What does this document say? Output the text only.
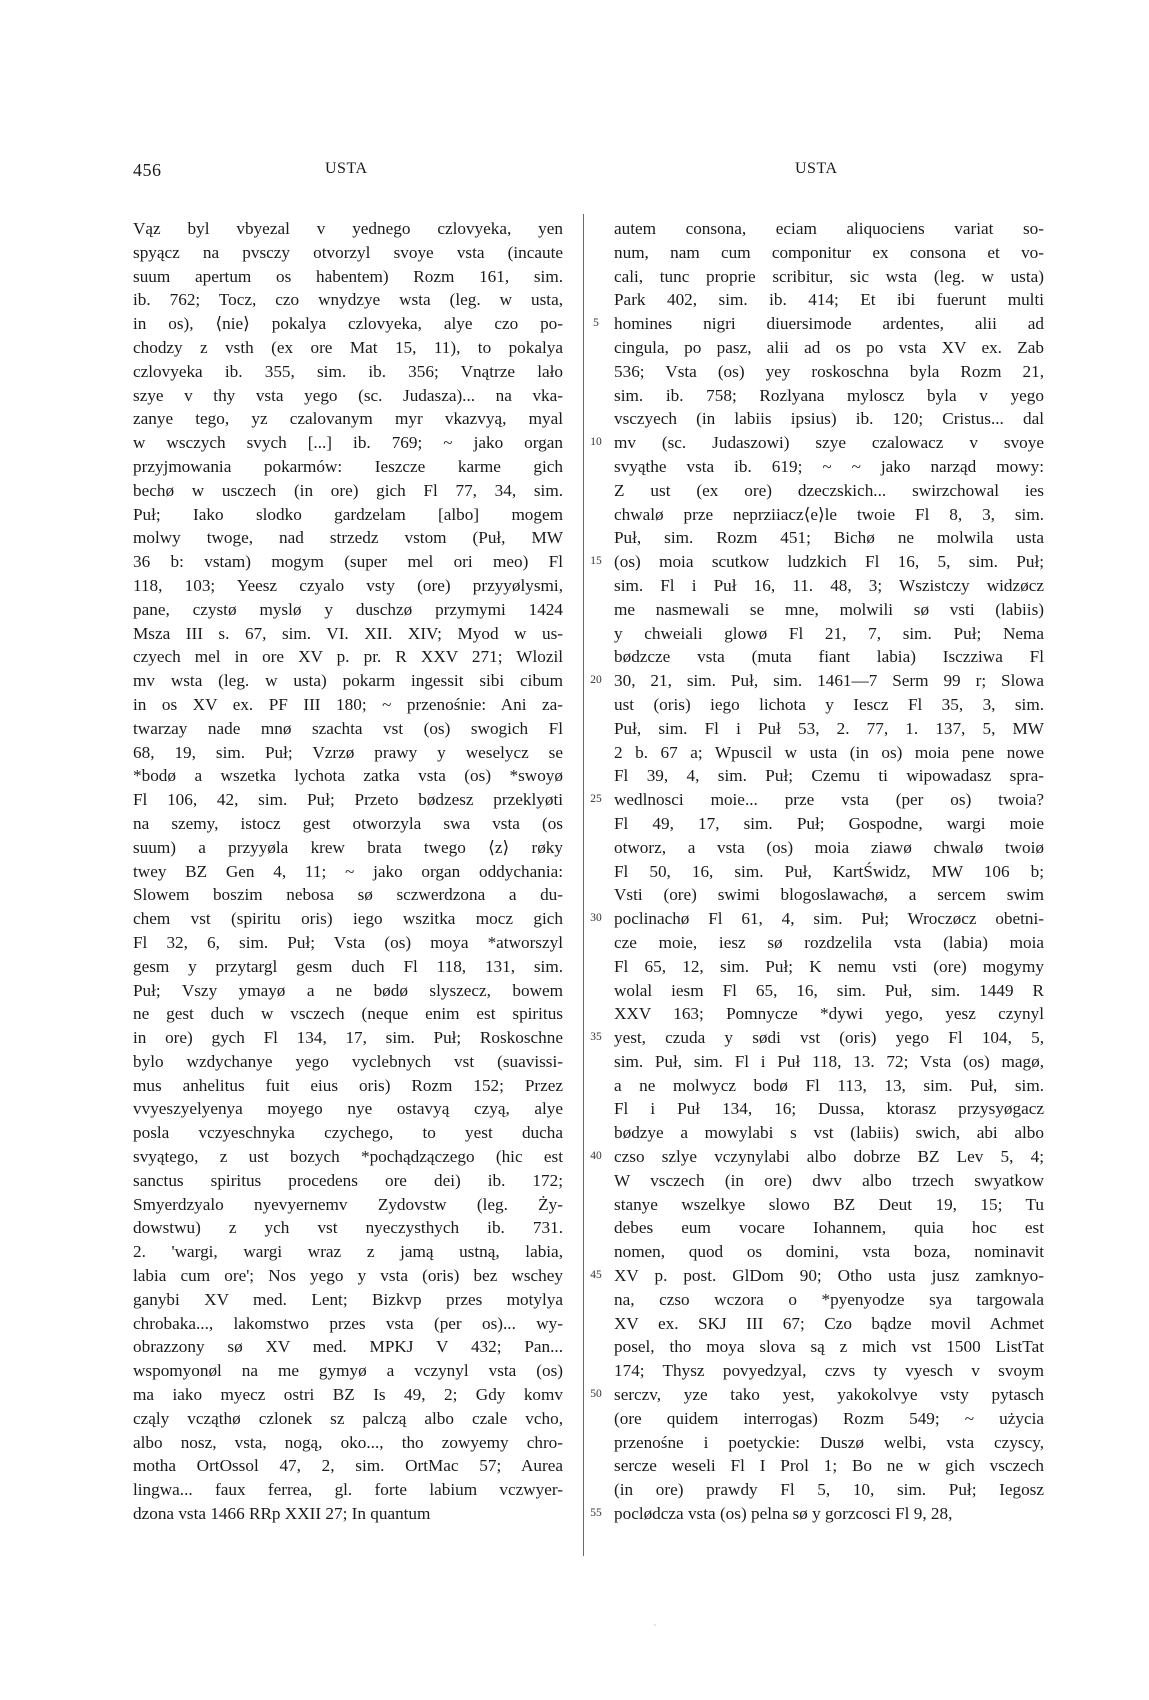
456	USTA	USTA
Vąz byl vbyezal v yednego czlovyeka, yen
spyącz na pvsczy otvorzyl svoye vsta (incaute
suum apertum os habentem) Rozm 161, sim.
ib. 762; Tocz, czo wnydzye wsta (leg. w usta,
in os), ⟨nie⟩ pokalya czlovyeka, alye czo po-
chodzy z vsth (ex ore Mat 15, 11), to pokalya
czlovyeka ib. 355, sim. ib. 356; Vnątrze lało
szye v thy vsta yego (sc. Judasza)... na vka-
zanye tego, yz czalovanym myr vkazvyą, myal
w wsczych svych [...] ib. 769; ~ jako organ
przyjmowania pokarmów: Ieszcze karme gich
bechø w usczech (in ore) gich Fl 77, 34, sim.
Puł; Iako slodko gardzelam [albo] mogem
molwy twoge, nad strzedz vstom (Puł, MW
36 b: vstam) mogym (super mel ori meo) Fl
118, 103; Yeesz czyalo vsty (ore) przyyølysmi,
pane, czystø myslø y duschzø przymymi 1424
Msza III s. 67, sim. VI. XII. XIV; Myod w us-
czyech mel in ore XV p. pr. R XXV 271; Wlozil
mv wsta (leg. w usta) pokarm ingessit sibi cibum
in os XV ex. PF III 180; ~ przenośnie: Ani za-
twarzay nade mnø szachta vst (os) swogich Fl
68, 19, sim. Puł; Vzrzø prawy y weselycz se
*bodø a wszetka lychota zatka vsta (os) *swoyø
Fl 106, 42, sim. Puł; Przeto bødzesz przeklyøti
na szemy, istocz gest otworzyla swa vsta (os
suum) a przyyøla krew brata twego ⟨z⟩ røky
twey BZ Gen 4, 11; ~ jako organ oddychania:
Slowem boszim nebosa sø sczwerdzona a du-
chem vst (spiritu oris) iego wszitka mocz gich
Fl 32, 6, sim. Puł; Vsta (os) moya *atworszyl
gesm y przytargl gesm duch Fl 118, 131, sim.
Puł; Vszy ymayø a ne bødø slyszecz, bowem
ne gest duch w vsczech (neque enim est spiritus
in ore) gych Fl 134, 17, sim. Puł; Roskoschne
bylo wzdychanye yego vyclebnych vst (suavissi-
mus anhelitus fuit eius oris) Rozm 152; Przez
vvyeszyelyenya moyego nye ostavyą czyą, alye
posla vczyeschnyka czychego, to yest ducha
svyątego, z ust bozych *pochądzączego (hic est
sanctus spiritus procedens ore dei) ib. 172;
Smyerdzyalo nyevyernemv Zydovstw (leg. Ży-
dowstwu) z ych vst nyeczysthych ib. 731.
2. 'wargi, wargi wraz z jamą ustną, labia,
labia cum ore'; Nos yego y vsta (oris) bez wschey
ganybi XV med. Lent; Bizkvp przes motylya
chrobaka..., lakomstwo przes vsta (per os)... wy-
obrazzony sø XV med. MPKJ V 432; Pan...
wspomyonøl na me gymyø a vczynyl vsta (os)
ma iako myecz ostri BZ Is 49, 2; Gdy komv
cząly vcząthø czlonek sz palczą albo czale vcho,
albo nosz, vsta, nogą, oko..., tho zowyemy chro-
motha OrtOssol 47, 2, sim. OrtMac 57; Aurea
lingwa... faux ferrea, gl. forte labium vczwyer-
dzona vsta 1466 RRp XXII 27; In quantum
5
10
15
20
25
30
35
40
45
50
55
autem consona, eciam aliquociens variat so-
num, nam cum componitur ex consona et vo-
cali, tunc proprie scribitur, sic wsta (leg. w usta)
Park 402, sim. ib. 414; Et ibi fuerunt multi
homines nigri diuersimode ardentes, alii ad
cingula, po pasz, alii ad os po vsta XV ex. Zab
536; Vsta (os) yey roskoschna byla Rozm 21,
sim. ib. 758; Rozlyana myloscz byla v yego
vsczyech (in labiis ipsius) ib. 120; Cristus... dal
mv (sc. Judaszowi) szye czalowacz v svoye
svyąthe vsta ib. 619; ~ ~ jako narząd mowy:
Z ust (ex ore) dzeczskich... swirzchowal ies
chwalø prze neprziiacz⟨e⟩le twoie Fl 8, 3, sim.
Puł, sim. Rozm 451; Bichø ne molwila usta
(os) moia scutkow ludzkich Fl 16, 5, sim. Puł;
sim. Fl i Puł 16, 11. 48, 3; Wszistczy widzøcz
me nasmewali se mne, molwili sø vsti (labiis)
y chweiali glowø Fl 21, 7, sim. Puł; Nema
bødzcze vsta (muta fiant labia) Isczziwa Fl
30, 21, sim. Puł, sim. 1461—7 Serm 99 r; Slowa
ust (oris) iego lichota y Iescz Fl 35, 3, sim.
Puł, sim. Fl i Puł 53, 2. 77, 1. 137, 5, MW
2 b. 67 a; Wpuscil w usta (in os) moia pene nowe
Fl 39, 4, sim. Puł; Czemu ti wipowadasz spra-
wedlnosci moie... prze vsta (per os) twoia?
Fl 49, 17, sim. Puł; Gospodne, wargi moie
otworz, a vsta (os) moia ziawø chwalø twoiø
Fl 50, 16, sim. Puł, KartŚwidz, MW 106 b;
Vsti (ore) swimi blogoslawachø, a sercem swim
poclinachø Fl 61, 4, sim. Puł; Wroczøcz obetni-
cze moie, iesz sø rozdzelila vsta (labia) moia
Fl 65, 12, sim. Puł; K nemu vsti (ore) mogymy
wolal iesm Fl 65, 16, sim. Puł, sim. 1449 R
XXV 163; Pomnycze *dywi yego, yesz czynyl
yest, czuda y sødi vst (oris) yego Fl 104, 5,
sim. Puł, sim. Fl i Puł 118, 13. 72; Vsta (os) magø,
a ne molwycz bodø Fl 113, 13, sim. Puł, sim.
Fl i Puł 134, 16; Dussa, ktorasz przysyøgacz
bødzye a mowylabi s vst (labiis) swich, abi albo
czso szlye vczynylabi albo dobrze BZ Lev 5, 4;
W vsczech (in ore) dwv albo trzech swyatkow
stanye wszelkye slowo BZ Deut 19, 15; Tu
debes eum vocare Iohannem, quia hoc est
nomen, quod os domini, vsta boza, nominavit
XV p. post. GlDom 90; Otho usta jusz zamknyo-
na, czso wczora o *pyenyodze sya targowala
XV ex. SKJ III 67; Czo bądze movil Achmet
posel, tho moya slova są z mich vst 1500 ListTat
174; Thysz povyedzyal, czvs ty vyesch v svoym
serczv, yze tako yest, yakokolvye vsty pytasch
(ore quidem interrogas) Rozm 549; ~ użycia
przenośne i poetyckie: Duszø welbi, vsta czyscy,
sercze weseli Fl I Prol 1; Bo ne w gich vsczech
(in ore) prawdy Fl 5, 10, sim. Puł; Iegosz
poclødcza vsta (os) pelna sø y gorzcosci Fl 9, 28,
